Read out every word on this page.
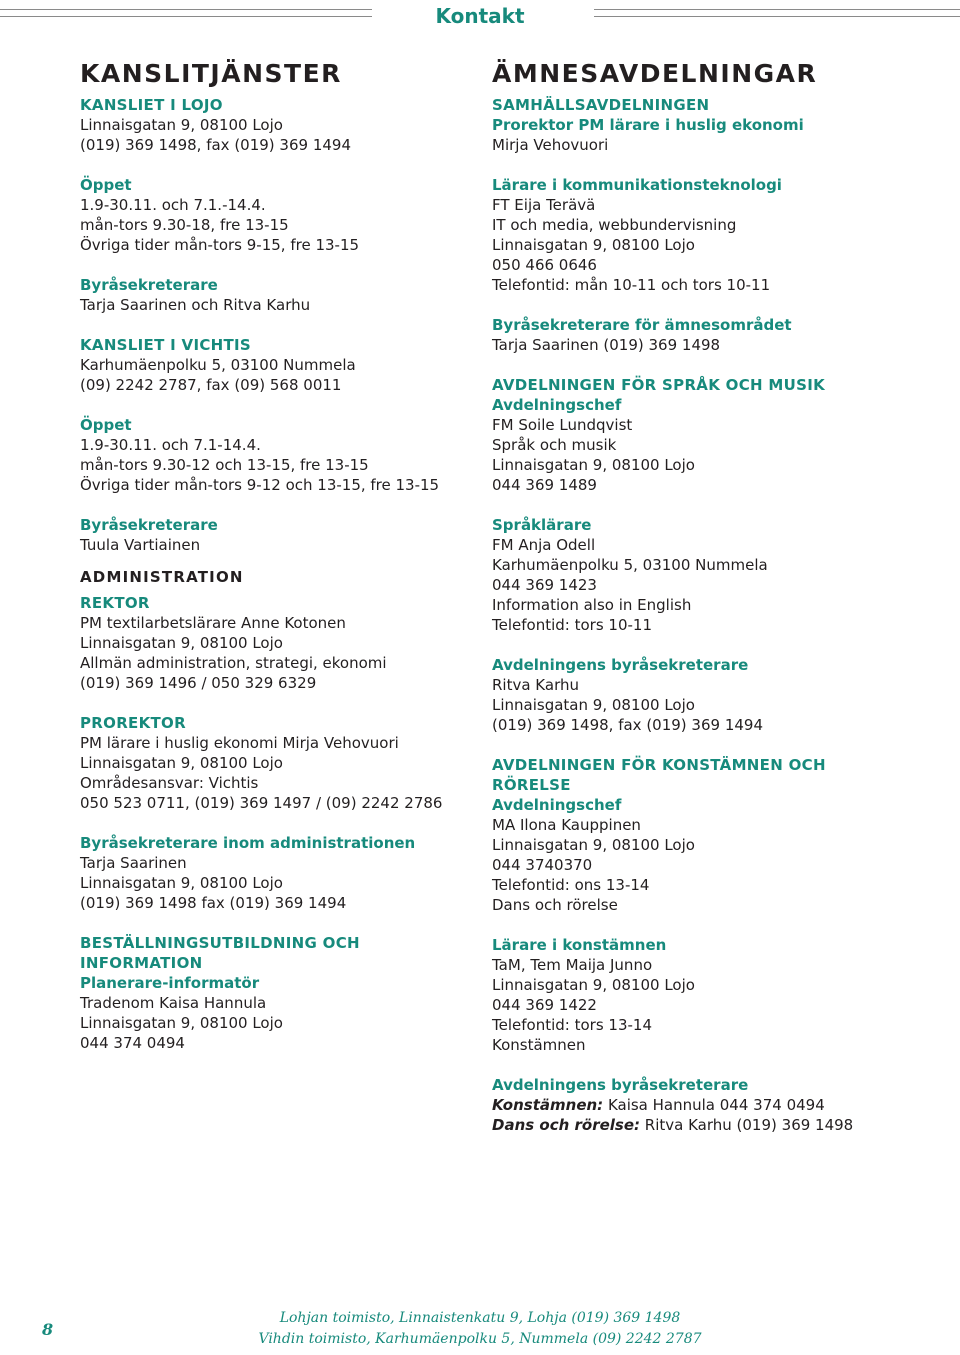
Kontakt
KANSLITJÄNSTER
KANSLIET I LOJO
Linnaisgatan 9, 08100 Lojo
(019) 369 1498, fax (019) 369 1494
Öppet
1.9-30.11. och 7.1.-14.4.
mån-tors 9.30-18, fre 13-15
Övriga tider mån-tors 9-15, fre 13-15
Byråsekreterare
Tarja Saarinen och Ritva Karhu
KANSLIET I VICHTIS
Karhumäenpolku 5, 03100 Nummela
(09) 2242 2787, fax (09) 568 0011
Öppet
1.9-30.11. och 7.1-14.4.
mån-tors 9.30-12 och 13-15, fre 13-15
Övriga tider mån-tors 9-12 och 13-15, fre 13-15
Byråsekreterare
Tuula Vartiainen
ADMINISTRATION
REKTOR
PM textilarbetslärare Anne Kotonen
Linnaisgatan 9, 08100 Lojo
Allmän administration, strategi, ekonomi
(019) 369 1496 / 050 329 6329
PROREKTOR
PM lärare i huslig ekonomi Mirja Vehovuori
Linnaisgatan 9, 08100 Lojo
Områdesansvar: Vichtis
050 523 0711, (019) 369 1497 / (09) 2242 2786
Byråsekreterare inom administrationen
Tarja Saarinen
Linnaisgatan 9, 08100 Lojo
(019) 369 1498 fax (019) 369 1494
BESTÄLLNINGSUTBILDNING OCH INFORMATION
Planerare-informatör
Tradenom Kaisa Hannula
Linnaisgatan 9, 08100 Lojo
044 374 0494
ÄMNESAVDELNINGAR
SAMHÄLLSAVDELNINGEN
Prorektor PM lärare i huslig ekonomi
Mirja Vehovuori
Lärare i kommunikationsteknologi
FT Eija Terävä
IT och media, webbundervisning
Linnaisgatan 9, 08100 Lojo
050 466 0646
Telefontid: mån 10-11 och tors 10-11
Byråsekreterare för ämnesområdet
Tarja Saarinen (019) 369 1498
AVDELNINGEN FÖR SPRÅK OCH MUSIK
Avdelningschef
FM Soile Lundqvist
Språk och musik
Linnaisgatan 9, 08100 Lojo
044 369 1489
Språklärare
FM Anja Odell
Karhumäenpolku 5, 03100 Nummela
044 369 1423
Information also in English
Telefontid: tors 10-11
Avdelningens byråsekreterare
Ritva Karhu
Linnaisgatan 9, 08100 Lojo
(019) 369 1498, fax (019) 369 1494
AVDELNINGEN FÖR KONSTÄMNEN OCH
RÖRELSE
Avdelningschef
MA Ilona Kauppinen
Linnaisgatan 9, 08100 Lojo
044 3740370
Telefontid: ons 13-14
Dans och rörelse
Lärare i konstämnen
TaM, Tem Maija Junno
Linnaisgatan 9, 08100 Lojo
044 369 1422
Telefontid: tors 13-14
Konstämnen
Avdelningens byråsekreterare
Konstämnen: Kaisa Hannula 044 374 0494
Dans och rörelse: Ritva Karhu (019) 369 1498
8
Lohjan toimisto, Linnaistenkatu 9, Lohja (019) 369 1498
Vihdin toimisto, Karhumäenpolku 5, Nummela (09) 2242 2787
